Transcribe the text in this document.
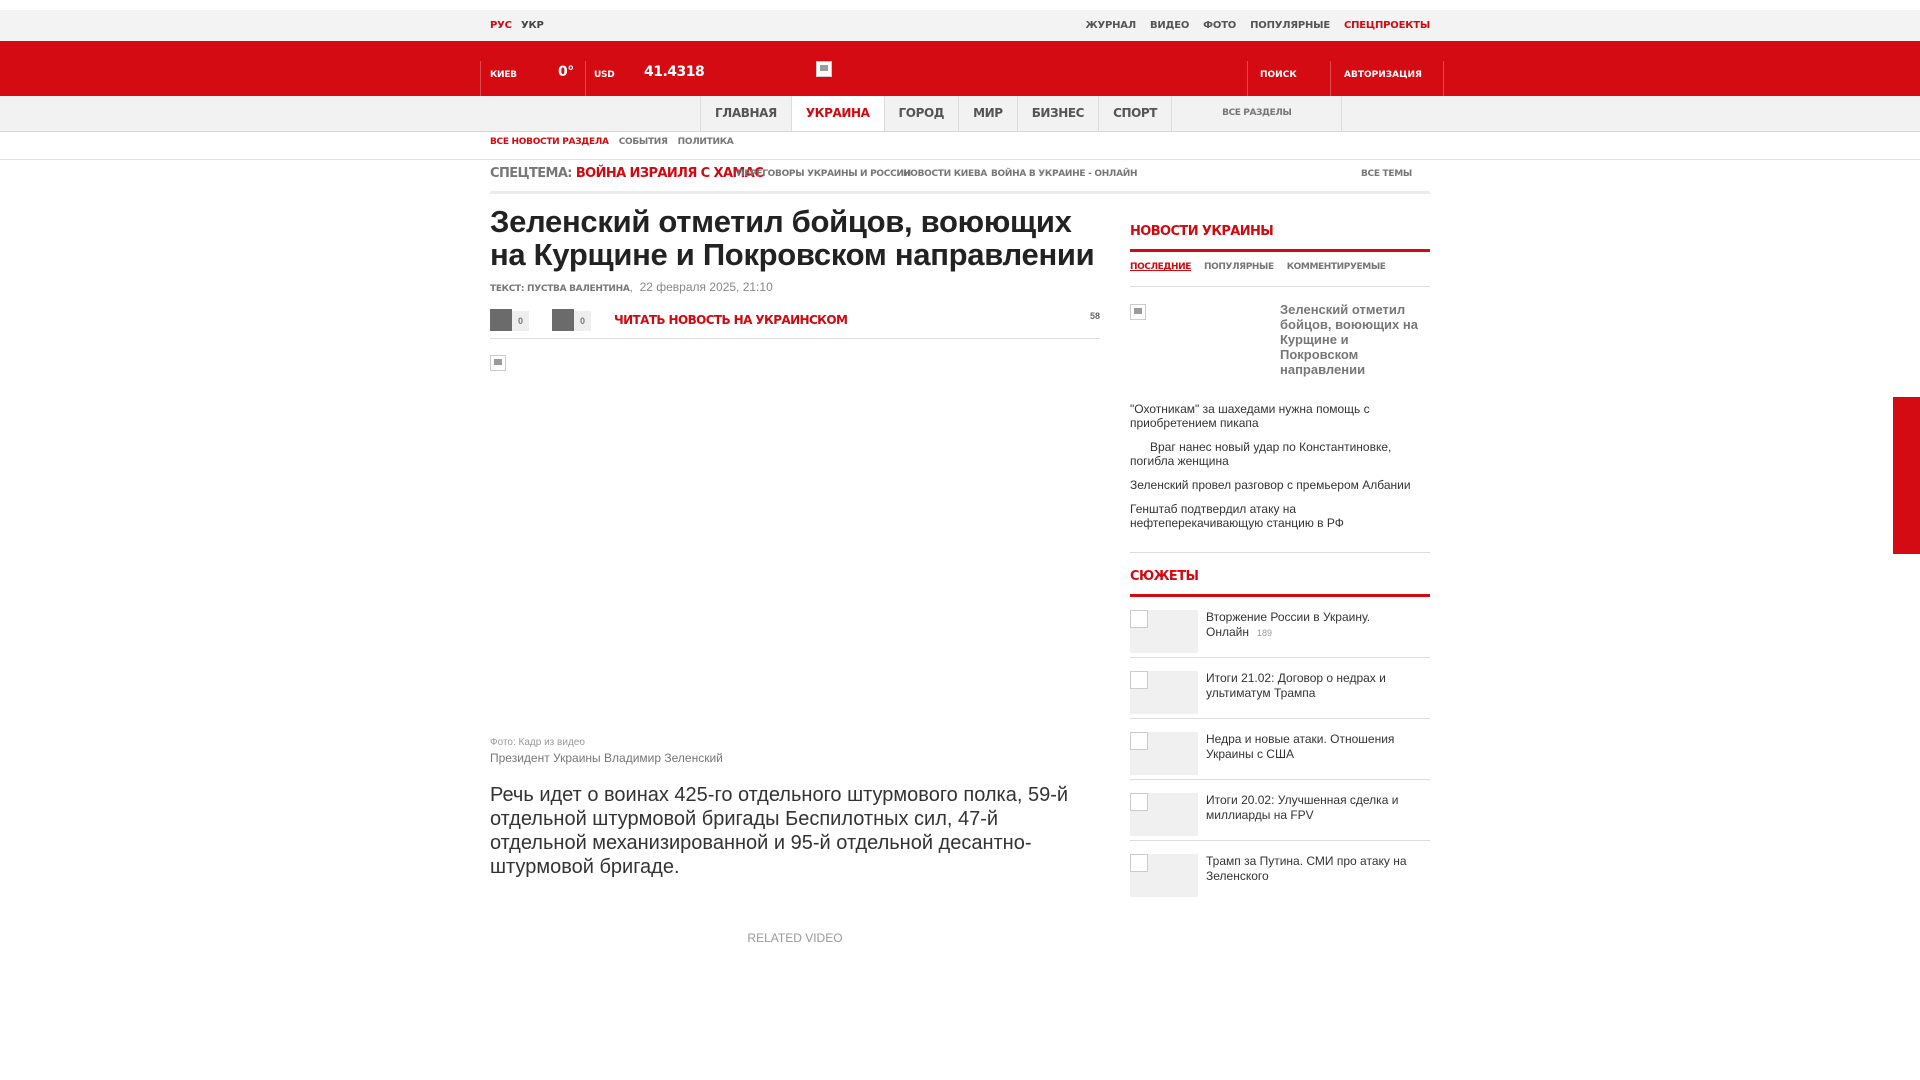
РУС УКР	ЖУРНАЛ ВИДЕО ФОТО ПОПУЛЯРНЫЕ СПЕЦПРОЕКТЫ
КИЕВ	0° USD 41.4318	ПОИСК	АВТОРИЗАЦИЯ
ГЛАВНАЯ	УКРАИНА	ГОРОД	МИР	БИЗНЕС	СПОРТ	ВСЕ РАЗДЕЛЫ
ВСЕ НОВОСТИ РАЗДЕЛА СОБЫТИЯ ПОЛИТИКА
СПЕЦТЕМА: ВОЙНА ИЗРАИЛЯ С ХАМАС
ПЕРЕГОВОРЫ УКРАИНЫ И РОССИИ
НОВОСТИ КИЕВА ВОЙНА В УКРАИНЕ - ОНЛАЙН	ВСЕ ТЕМЫ
Зеленский отметил бойцов, воюющих на Курщине и Покровском направлении
ТЕКСТ: ПУСТВА ВАЛЕНТИНА,  22 февраля 2025, 21:10
0	0	ЧИТАТЬ НОВОСТЬ НА УКРАИНСКОМ	58
Фото: Кадр из видео
Президент Украины Владимир Зеленский

Речь идет о воинах 425-го отдельного штурмового полка, 59-й отдельной штурмовой бригады Беспилотных сил, 47-й отдельной механизированной и 95-й отдельной десантно-штурмовой бригаде.

RELATED VIDEO
НОВОСТИ УКРАИНЫ
ПОСЛЕДНИЕ ПОПУЛЯРНЫЕ КОММЕНТИРУЕМЫЕ
Зеленский отметил бойцов, воюющих на Курщине и Покровском направлении
"Охотникам" за шахедами нужна помощь с приобретением пикапа
Враг нанес новый удар по Константиновке, погибла женщина
Зеленский провел разговор с премьером Албании
Генштаб подтвердил атаку на нефтеперекачивающую станцию в РФ
СЮЖЕТЫ
Вторжение России в Украину. Онлайн 189
Итоги 21.02: Договор о недрах и ультиматум Трампа
Недра и новые атаки. Отношения Украины с США
Итоги 20.02: Улучшенная сделка и миллиарды на FPV
Трамп за Путина. СМИ про атаку на Зеленского
